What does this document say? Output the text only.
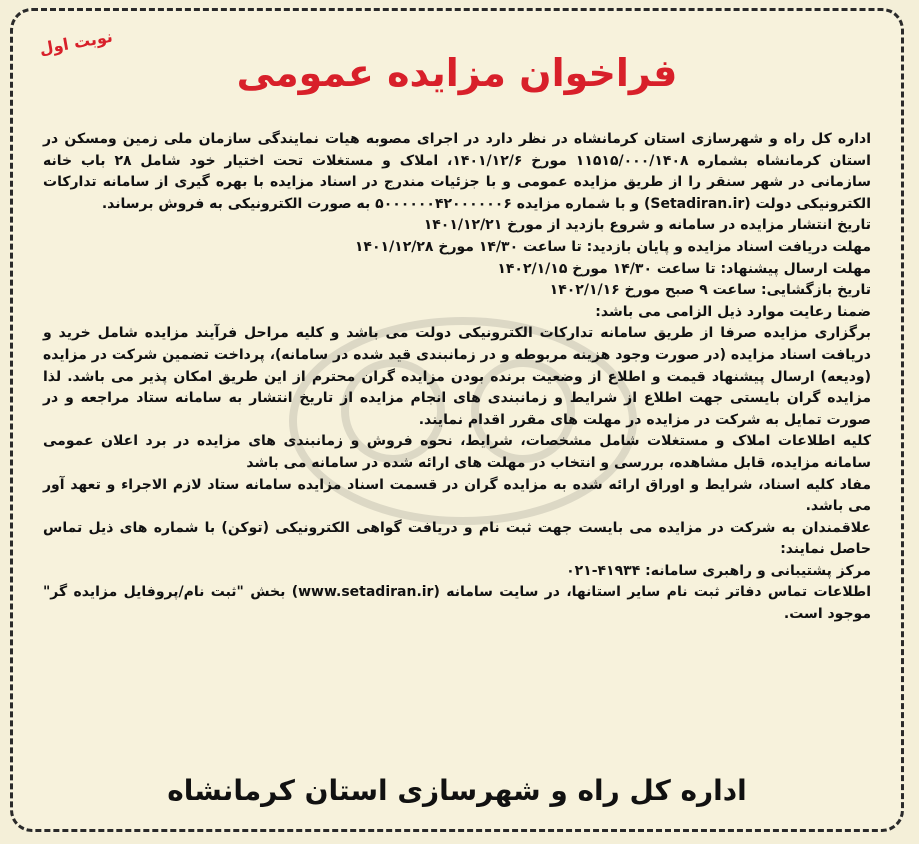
نوبت اول
فراخوان مزایده عمومی

اداره کل راه و شهرسازی استان کرمانشاه در نظر دارد در اجرای مصوبه هیات نمایندگی سازمان ملی زمین ومسکن در استان کرمانشاه بشماره ۱۱۵۱۵/۰۰۰/۱۴۰۸ مورخ ۱۴۰۱/۱۲/۶، املاک و مستغلات تحت اختیار خود شامل ۲۸ باب خانه سازمانی در شهر سنقر را از طریق مزایده عمومی و با جزئیات مندرج در اسناد مزایده با بهره گیری از سامانه تدارکات الکترونیکی دولت (Setadiran.ir) و با شماره مزایده ۵۰۰۰۰۰۰۴۲۰۰۰۰۰۰۶ به صورت الکترونیکی به فروش برساند.

تاریخ انتشار مزایده در سامانه و شروع بازدید از مورخ ۱۴۰۱/۱۲/۲۱

مهلت دریافت اسناد مزایده و پایان بازدید: تا ساعت ۱۴/۳۰ مورخ ۱۴۰۱/۱۲/۲۸

مهلت ارسال پیشنهاد: تا ساعت ۱۴/۳۰ مورخ ۱۴۰۲/۱/۱۵

تاریخ بازگشایی: ساعت ۹ صبح مورخ ۱۴۰۲/۱/۱۶

ضمنا رعایت موارد ذیل الزامی می باشد:

برگزاری مزایده صرفا از طریق سامانه تدارکات الکترونیکی دولت می باشد و کلیه مراحل فرآیند مزایده شامل خرید و دریافت اسناد مزایده (در صورت وجود هزینه مربوطه و در زمانبندی قید شده در سامانه)، پرداخت تضمین شرکت در مزایده (ودیعه) ارسال پیشنهاد قیمت و اطلاع از وضعیت برنده بودن مزایده گران محترم از این طریق امکان پذیر می باشد. لذا مزایده گران بایستی جهت اطلاع از شرایط و زمانبندی های انجام مزایده از تاریخ انتشار به سامانه ستاد مراجعه و در صورت تمایل به شرکت در مزایده در مهلت های مقرر اقدام نمایند.

کلیه اطلاعات املاک و مستغلات شامل مشخصات، شرایط، نحوه فروش و زمانبندی های مزایده در برد اعلان عمومی سامانه مزایده، قابل مشاهده، بررسی و انتخاب در مهلت های ارائه شده در سامانه می باشد

مفاد کلیه اسناد، شرایط و اوراق ارائه شده به مزایده گران در قسمت اسناد مزایده سامانه ستاد لازم الاجراء و تعهد آور می باشد.

علاقمندان به شرکت در مزایده می بایست جهت ثبت نام و دریافت گواهی الکترونیکی (توکن) با شماره های ذیل تماس حاصل نمایند:

مرکز پشتیبانی و راهبری سامانه: ۴۱۹۳۴-۰۲۱

اطلاعات تماس دفاتر ثبت نام سایر استانها، در سایت سامانه (www.setadiran.ir) بخش "ثبت نام/پروفایل مزایده گر" موجود است.

اداره کل راه و شهرسازی استان کرمانشاه
